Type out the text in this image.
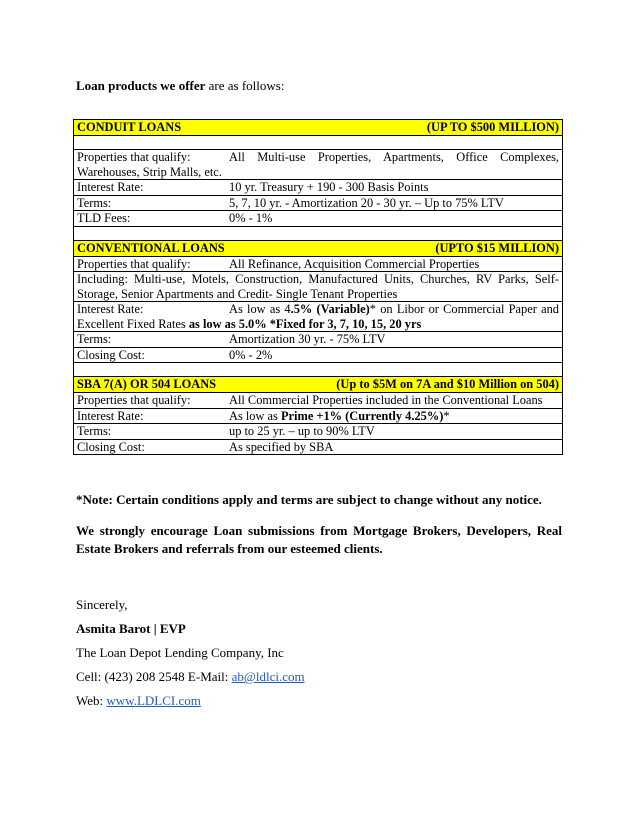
Loan products we offer are as follows:
CONDUIT LOANS	(UP TO $500 MILLION)

Properties that qualify:	All Multi-use Properties, Apartments, Office Complexes, Warehouses, Strip Malls, etc.
Interest Rate:	10 yr. Treasury + 190 - 300 Basis Points
Terms:	5, 7, 10 yr. - Amortization 20 - 30 yr. – Up to 75% LTV
TLD Fees:	0% - 1%

CONVENTIONAL LOANS	(UPTO $15 MILLION)

Properties that qualify:	All Refinance, Acquisition Commercial Properties
Including: Multi-use, Motels, Construction, Manufactured Units, Churches, RV Parks, Self-Storage, Senior Apartments and Credit- Single Tenant Properties
Interest Rate:	As low as 4.5% (Variable)* on Libor or Commercial Paper and Excellent Fixed Rates as low as 5.0% *Fixed for 3, 7, 10, 15, 20 yrs
Terms:	Amortization 30 yr. - 75% LTV
Closing Cost:	0% - 2%

SBA 7(A) OR 504 LOANS	(Up to $5M on 7A and $10 Million on 504)

Properties that qualify:	All Commercial Properties included in the Conventional Loans
Interest Rate:	As low as Prime +1% (Currently 4.25%)*
Terms:	up to 25 yr. – up to 90% LTV
Closing Cost:	As specified by SBA
*Note: Certain conditions apply and terms are subject to change without any notice.
We strongly encourage Loan submissions from Mortgage Brokers, Developers, Real Estate Brokers and referrals from our esteemed clients.
Sincerely,
Asmita Barot | EVP
The Loan Depot Lending Company, Inc
Cell: (423) 208 2548 E-Mail: ab@ldlci.com
Web: www.LDLCI.com
